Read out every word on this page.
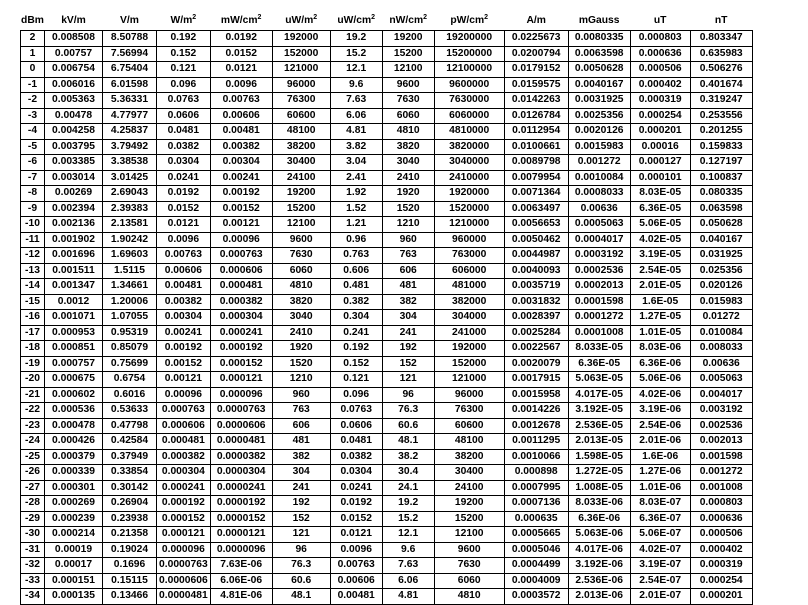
dBm	kV/m	V/m	$W/m^2$	$mW/cm^2$	$uW/m^2$	$uW/cm^2$	$nW/cm^2$	$pW/cm^2$	A/m	mGauss	uT	nT
2	0.008508	8.50788	0.192	0.0192	192000	19.2	19200	19200000	0.0225673	0.0080335	0.000803	0.803347
1	0.00757	7.56994	0.152	0.0152	152000	15.2	15200	15200000	0.0200794	0.0063598	0.000636	0.635983
0	0.006754	6.75404	0.121	0.0121	121000	12.1	12100	12100000	0.0179152	0.0050628	0.000506	0.506276
-1	0.006016	6.01598	0.096	0.0096	96000	9.6	9600	9600000	0.0159575	0.0040167	0.000402	0.401674
-2	0.005363	5.36331	0.0763	0.00763	76300	7.63	7630	7630000	0.0142263	0.0031925	0.000319	0.319247
-3	0.00478	4.77977	0.0606	0.00606	60600	6.06	6060	6060000	0.0126784	0.0025356	0.000254	0.253556
-4	0.004258	4.25837	0.0481	0.00481	48100	4.81	4810	4810000	0.0112954	0.0020126	0.000201	0.201255
-5	0.003795	3.79492	0.0382	0.00382	38200	3.82	3820	3820000	0.0100661	0.0015983	0.00016	0.159833
-6	0.003385	3.38538	0.0304	0.00304	30400	3.04	3040	3040000	0.0089798	0.001272	0.000127	0.127197
-7	0.003014	3.01425	0.0241	0.00241	24100	2.41	2410	2410000	0.0079954	0.0010084	0.000101	0.100837
-8	0.00269	2.69043	0.0192	0.00192	19200	1.92	1920	1920000	0.0071364	0.0008033	8.03E-05	0.080335
-9	0.002394	2.39383	0.0152	0.00152	15200	1.52	1520	1520000	0.0063497	0.00636	6.36E-05	0.063598
-10	0.002136	2.13581	0.0121	0.00121	12100	1.21	1210	1210000	0.0056653	0.0005063	5.06E-05	0.050628
-11	0.001902	1.90242	0.0096	0.00096	9600	0.96	960	960000	0.0050462	0.0004017	4.02E-05	0.040167
-12	0.001696	1.69603	0.00763	0.000763	7630	0.763	763	763000	0.0044987	0.0003192	3.19E-05	0.031925
-13	0.001511	1.5115	0.00606	0.000606	6060	0.606	606	606000	0.0040093	0.0002536	2.54E-05	0.025356
-14	0.001347	1.34661	0.00481	0.000481	4810	0.481	481	481000	0.0035719	0.0002013	2.01E-05	0.020126
-15	0.0012	1.20006	0.00382	0.000382	3820	0.382	382	382000	0.0031832	0.0001598	1.6E-05	0.015983
-16	0.001071	1.07055	0.00304	0.000304	3040	0.304	304	304000	0.0028397	0.0001272	1.27E-05	0.01272
-17	0.000953	0.95319	0.00241	0.000241	2410	0.241	241	241000	0.0025284	0.0001008	1.01E-05	0.010084
-18	0.000851	0.85079	0.00192	0.000192	1920	0.192	192	192000	0.0022567	8.033E-05	8.03E-06	0.008033
-19	0.000757	0.75699	0.00152	0.000152	1520	0.152	152	152000	0.0020079	6.36E-05	6.36E-06	0.00636
-20	0.000675	0.6754	0.00121	0.000121	1210	0.121	121	121000	0.0017915	5.063E-05	5.06E-06	0.005063
-21	0.000602	0.6016	0.00096	0.000096	960	0.096	96	96000	0.0015958	4.017E-05	4.02E-06	0.004017
-22	0.000536	0.53633	0.000763	0.0000763	763	0.0763	76.3	76300	0.0014226	3.192E-05	3.19E-06	0.003192
-23	0.000478	0.47798	0.000606	0.0000606	606	0.0606	60.6	60600	0.0012678	2.536E-05	2.54E-06	0.002536
-24	0.000426	0.42584	0.000481	0.0000481	481	0.0481	48.1	48100	0.0011295	2.013E-05	2.01E-06	0.002013
-25	0.000379	0.37949	0.000382	0.0000382	382	0.0382	38.2	38200	0.0010066	1.598E-05	1.6E-06	0.001598
-26	0.000339	0.33854	0.000304	0.0000304	304	0.0304	30.4	30400	0.000898	1.272E-05	1.27E-06	0.001272
-27	0.000301	0.30142	0.000241	0.0000241	241	0.0241	24.1	24100	0.0007995	1.008E-05	1.01E-06	0.001008
-28	0.000269	0.26904	0.000192	0.0000192	192	0.0192	19.2	19200	0.0007136	8.033E-06	8.03E-07	0.000803
-29	0.000239	0.23938	0.000152	0.0000152	152	0.0152	15.2	15200	0.000635	6.36E-06	6.36E-07	0.000636
-30	0.000214	0.21358	0.000121	0.0000121	121	0.0121	12.1	12100	0.0005665	5.063E-06	5.06E-07	0.000506
-31	0.00019	0.19024	0.000096	0.0000096	96	0.0096	9.6	9600	0.0005046	4.017E-06	4.02E-07	0.000402
-32	0.00017	0.1696	0.0000763	7.63E-06	76.3	0.00763	7.63	7630	0.0004499	3.192E-06	3.19E-07	0.000319
-33	0.000151	0.15115	0.0000606	6.06E-06	60.6	0.00606	6.06	6060	0.0004009	2.536E-06	2.54E-07	0.000254
-34	0.000135	0.13466	0.0000481	4.81E-06	48.1	0.00481	4.81	4810	0.0003572	2.013E-06	2.01E-07	0.000201
